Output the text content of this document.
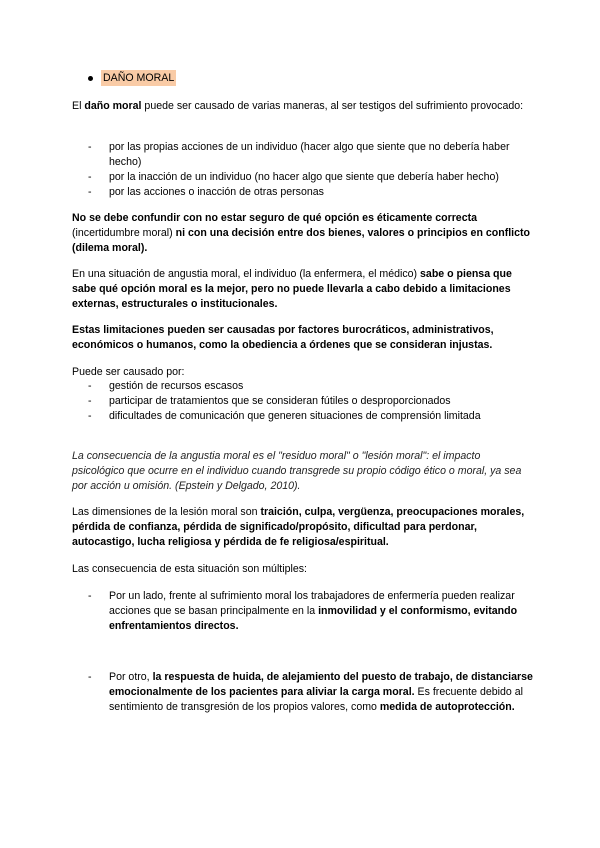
DAÑO MORAL

El daño moral puede ser causado de varias maneras, al ser testigos del sufrimiento provocado:

- por las propias acciones de un individuo (hacer algo que siente que no debería haber hecho)
- por la inacción de un individuo (no hacer algo que siente que debería haber hecho)
- por las acciones o inacción de otras personas

No se debe confundir con no estar seguro de qué opción es éticamente correcta (incertidumbre moral) ni con una decisión entre dos bienes, valores o principios en conflicto (dilema moral).

En una situación de angustia moral, el individuo (la enfermera, el médico) sabe o piensa que sabe qué opción moral es la mejor, pero no puede llevarla a cabo debido a limitaciones externas, estructurales o institucionales.

Estas limitaciones pueden ser causadas por factores burocráticos, administrativos, económicos o humanos, como la obediencia a órdenes que se consideran injustas.

Puede ser causado por:

- gestión de recursos escasos
- participar de tratamientos que se consideran fútiles o desproporcionados
- dificultades de comunicación que generen situaciones de comprensión limitada

La consecuencia de la angustia moral es el "residuo moral" o "lesión moral": el impacto psicológico que ocurre en el individuo cuando transgrede su propio código ético o moral, ya sea por acción u omisión. (Epstein y Delgado, 2010).

Las dimensiones de la lesión moral son traición, culpa, vergüenza, preocupaciones morales, pérdida de confianza, pérdida de significado/propósito, dificultad para perdonar, autocastigo, lucha religiosa y pérdida de fe religiosa/espiritual.

Las consecuencia de esta situación son múltiples:

- Por un lado, frente al sufrimiento moral los trabajadores de enfermería pueden realizar acciones que se basan principalmente en la inmovilidad y el conformismo, evitando enfrentamientos directos.
- Por otro, la respuesta de huida, de alejamiento del puesto de trabajo, de distanciarse emocionalmente de los pacientes para aliviar la carga moral. Es frecuente debido al sentimiento de transgresión de los propios valores, como medida de autoprotección.
